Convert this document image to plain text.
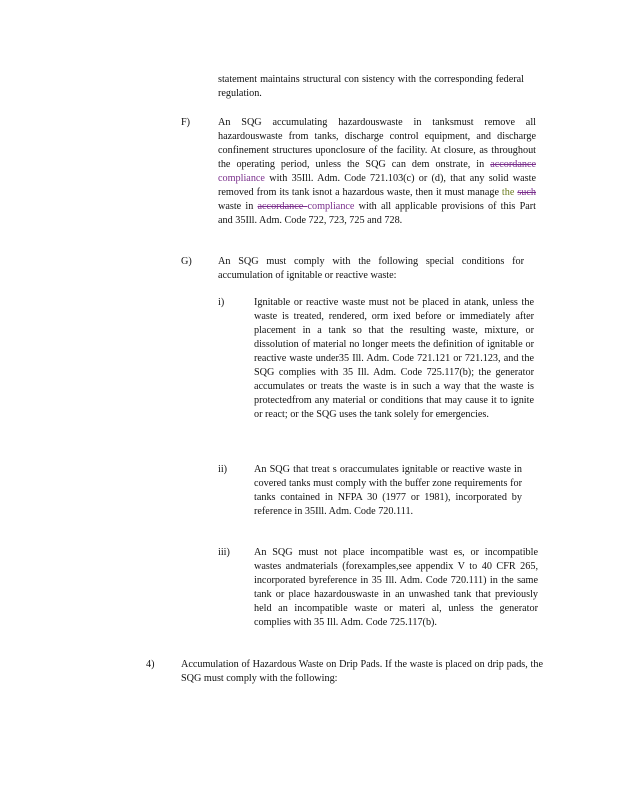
statement maintains structural con sistency with the corresponding federal regulation.
F)	An SQG accumulating hazardouswaste in tanksmust remove all hazardouswaste from tanks, discharge control equipment, and discharge confinement structures uponclosure of the facility. At closure, as throughout the operating period, unless the SQG can dem onstrate, in accordance compliance with 35Ill. Adm. Code 721.103(c) or (d), that any solid waste removed from its tank isnot a hazardous waste, then it must manage the such waste in accordance compliance with all applicable provisions of this Part and 35Ill. Adm. Code 722, 723, 725 and 728.
G)	An SQG must comply with the following special conditions for accumulation of ignitable or reactive waste:
i)	Ignitable or reactive waste must not be placed in atank, unless the waste is treated, rendered, orm ixed before or immediately after placement in a tank so that the resulting waste, mixture, or dissolution of material no longer meets the definition of ignitable or reactive waste under35 Ill. Adm. Code 721.121 or 721.123, and the SQG complies with 35 Ill. Adm. Code 725.117(b); the generator accumulates or treats the waste is in such a way that the waste is protectedfrom any material or conditions that may cause it to ignite or react; or the SQG uses the tank solely for emergencies.
ii)	An SQG that treat s oraccumulates ignitable or reactive waste in covered tanks must comply with the buffer zone requirements for tanks contained in NFPA 30 (1977 or 1981), incorporated by reference in 35Ill. Adm. Code 720.111.
iii) An SQG must not place incompatible wast es, or incompatible wastes andmaterials (forexamples,see appendix V to 40 CFR 265, incorporated byreference in 35 Ill. Adm. Code 720.111) in the same tank or place hazardouswaste in an unwashed tank that previously held an incompatible waste or materi al, unless the generator complies with 35 Ill. Adm. Code 725.117(b).
4)	Accumulation of Hazardous Waste on Drip Pads. If the waste is placed on drip pads, the SQG must comply with the following:
